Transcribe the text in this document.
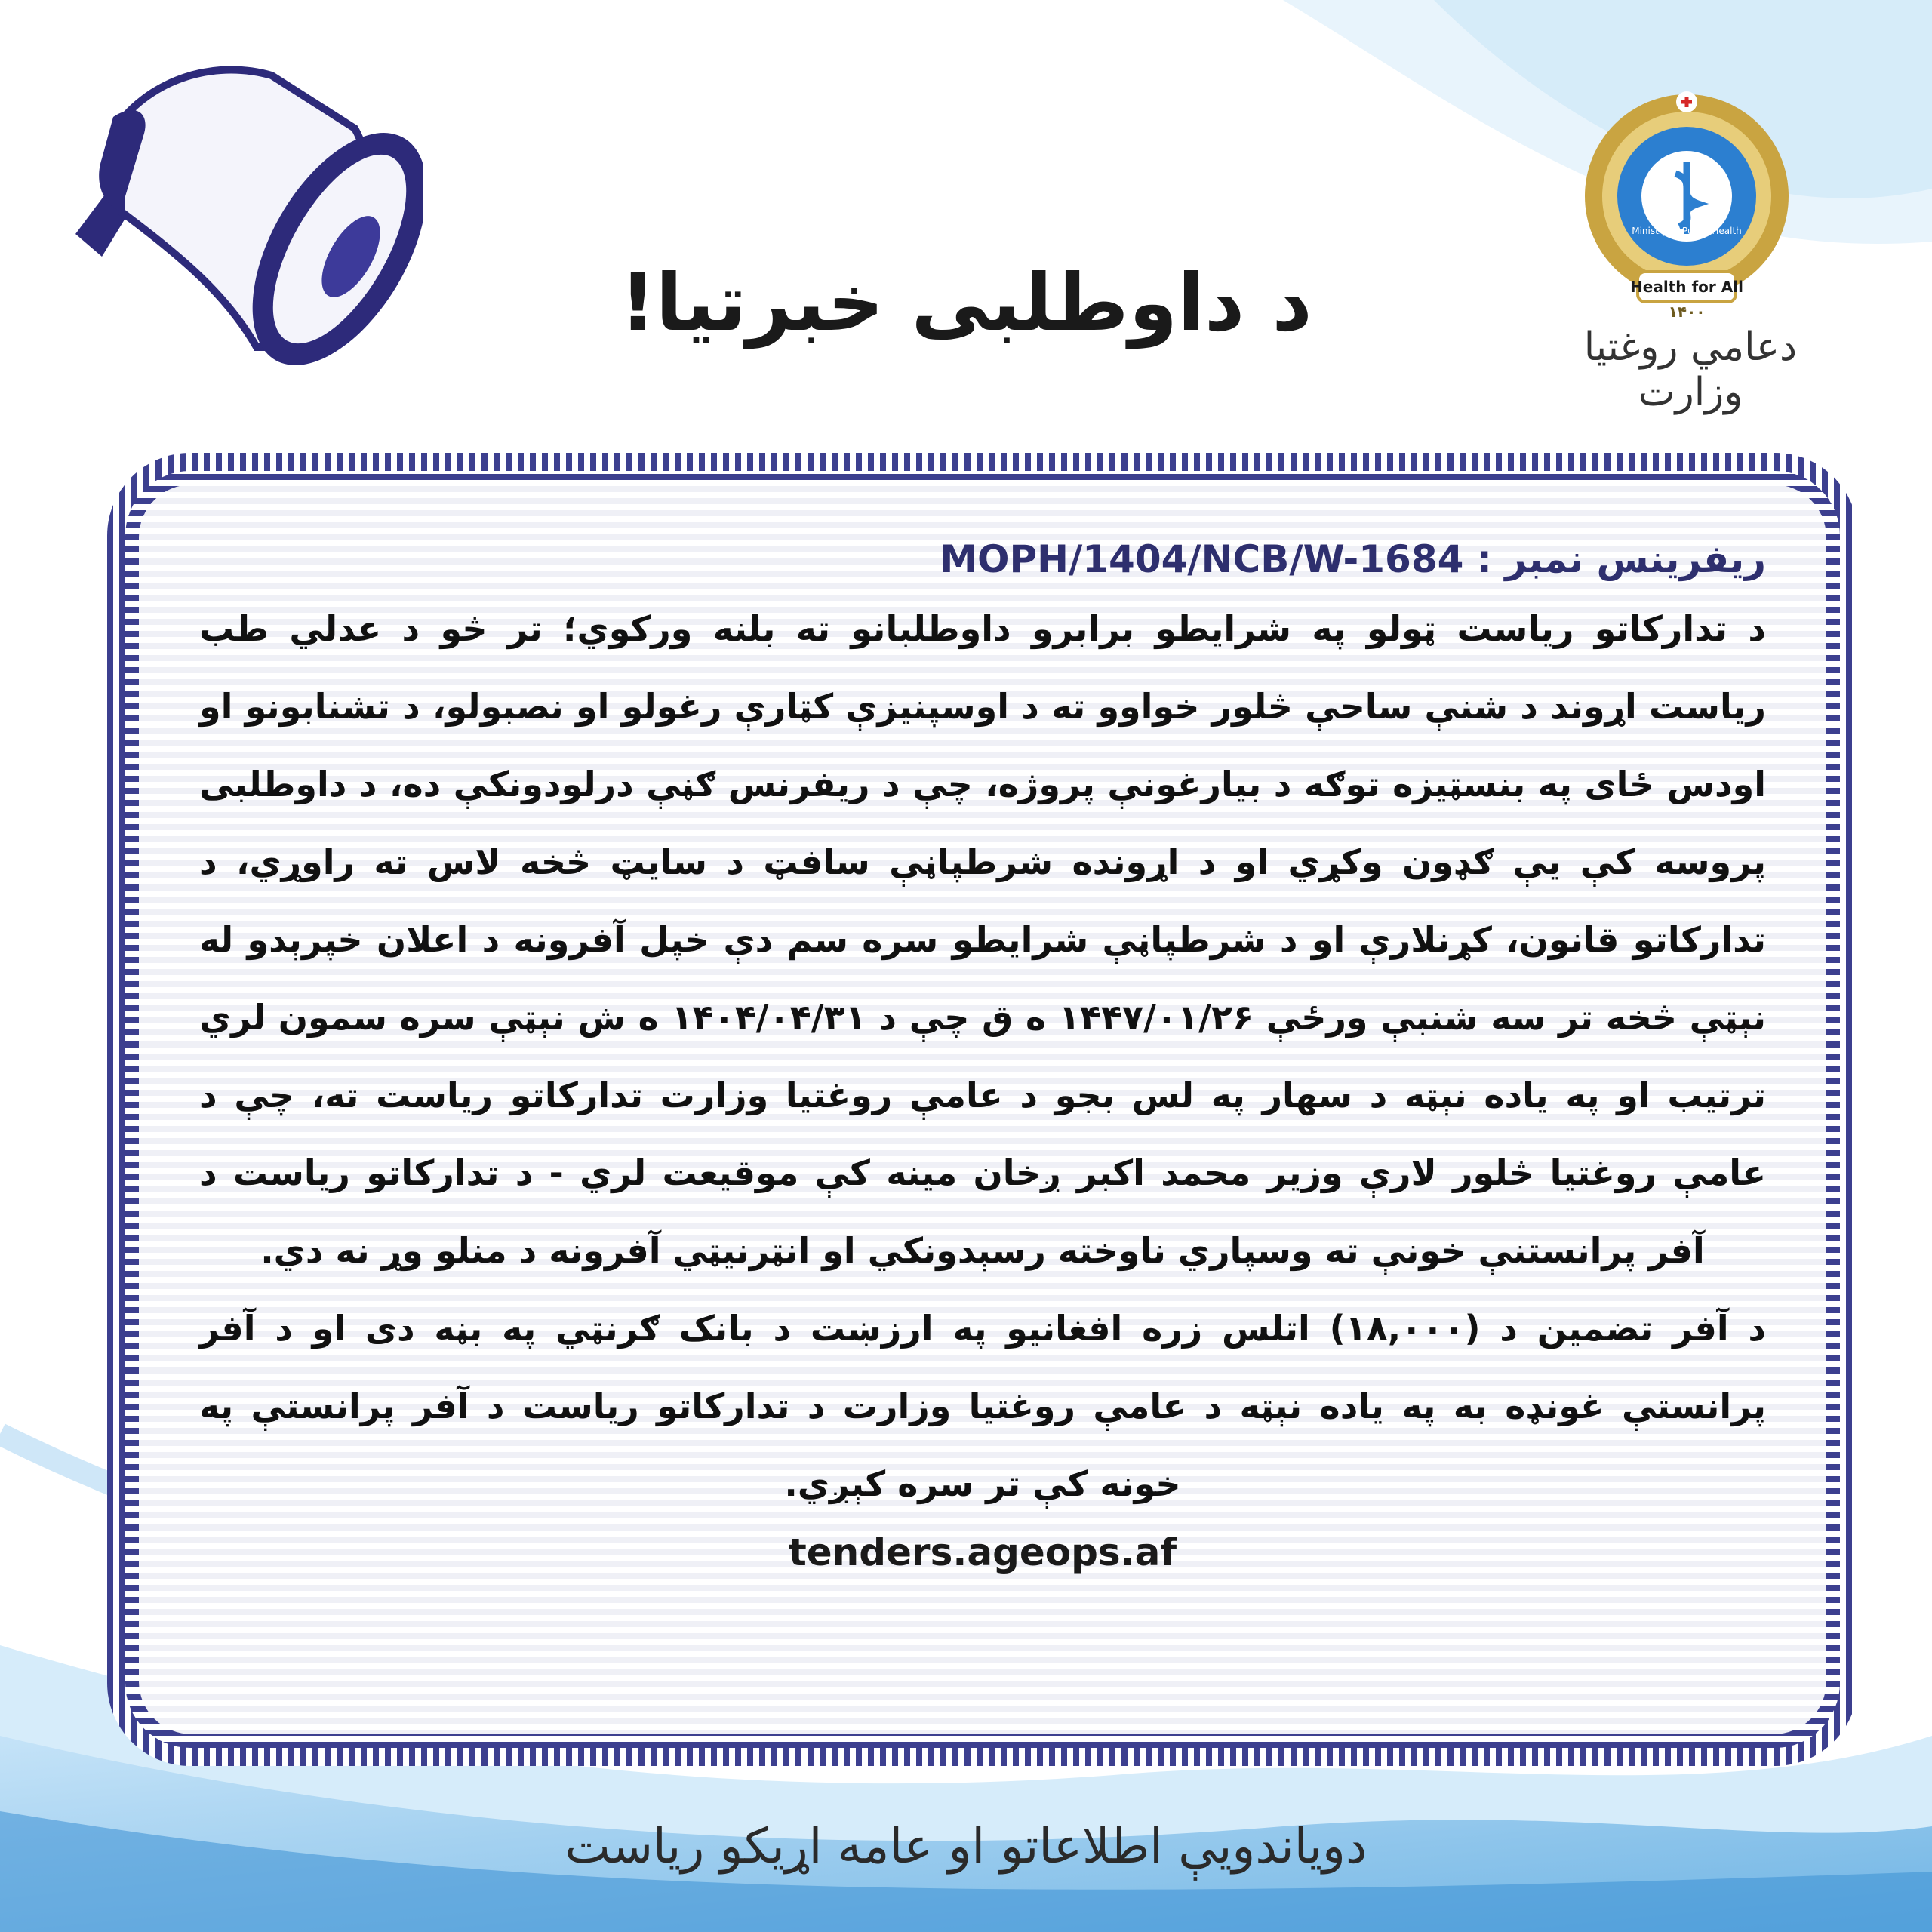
Health for All
۱۴۰۰
Ministry of Public Health
دعامي روغتيا وزارت
د داوطلبی خبرتیا!
ریفرینس نمبر : MOPH/1404/NCB/W-1684
د تدارکاتو ریاست ټولو په شرایطو برابرو داوطلبانو ته بلنه ورکوي؛ تر څو د عدلي طب ریاست اړوند د شنې ساحې څلور خواوو ته د اوسپنیزې کټارې رغولو او نصبولو، د تشنابونو او اودس ځای په بنسټیزه توګه د بیارغونې پروژه، چې د ریفرنس ګڼې درلودونکې ده، د داوطلبی پروسه کې یې ګډون وکړي او د اړونده شرطپاڼې سافټ د سایټ څخه لاس ته راوړي، د تدارکاتو قانون، کړنلارې او د شرطپاڼې شرایطو سره سم دې خپل آفرونه د اعلان خپرېدو له نېټې څخه تر سه شنبې ورځې ۱۴۴۷/۰۱/۲۶ ه ق چې د ۱۴۰۴/۰۴/۳۱ ه ش نېټې سره سمون لري ترتیب او په یاده نېټه د سهار په لس بجو د عامې روغتیا وزارت تدارکاتو ریاست ته، چې د عامې روغتیا څلور لارې وزیر محمد اکبر ږخان مینه کې موقیعت لري - د تدارکاتو ریاست د آفر پرانستنې خونې ته وسپاري ناوخته رسېدونکي او انټرنیټي آفرونه د منلو وړ نه دي.
د آفر تضمین د (۱۸,۰۰۰) اتلس زره افغانیو په ارزښت د بانک ګرنټي په بڼه دی او د آفر پرانستې غونډه به په یاده نېټه د عامې روغتیا وزارت د تدارکاتو ریاست د آفر پرانستې په خونه کې تر سره کېږي.
tenders.ageops.af
دویاندویې اطلاعاتو او عامه اړیکو ریاست
